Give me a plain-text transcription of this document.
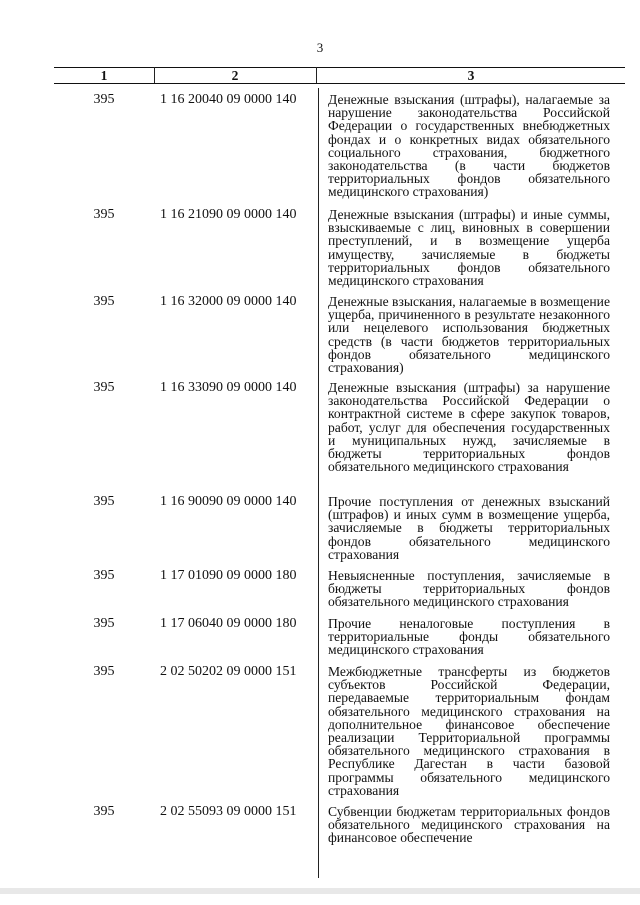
3
1	2	3
395	1 16 20040 09 0000 140	Денежные взыскания (штрафы), налагаемые за нарушение законодательства Российской Федерации о государственных внебюджетных фондах и о конкретных видах обязательного социального страхования, бюджетного законодательства (в части бюджетов территориальных фондов обязательного медицинского страхования)
395	1 16 21090 09 0000 140	Денежные взыскания (штрафы) и иные суммы, взыскиваемые с лиц, виновных в совершении преступлений, и в возмещение ущерба имуществу, зачисляемые в бюджеты территориальных фондов обязательного медицинского страхования
395	1 16 32000 09 0000 140	Денежные взыскания, налагаемые в возмещение ущерба, причиненного в результате незаконного или нецелевого использования бюджетных средств (в части бюджетов территориальных фондов обязательного медицинского страхования)
395	1 16 33090 09 0000 140	Денежные взыскания (штрафы) за нарушение законодательства Российской Федерации о контрактной системе в сфере закупок товаров, работ, услуг для обеспечения государственных и муниципальных нужд, зачисляемые в бюджеты территориальных фондов обязательного медицинского страхования
395	1 16 90090 09 0000 140	Прочие поступления от денежных взысканий (штрафов) и иных сумм в возмещение ущерба, зачисляемые в бюджеты территориальных фондов обязательного медицинского страхования
395	1 17 01090 09 0000 180	Невыясненные поступления, зачисляемые в бюджеты территориальных фондов обязательного медицинского страхования
395	1 17 06040 09 0000 180	Прочие неналоговые поступления в территориальные фонды обязательного медицинского страхования
395	2 02 50202 09 0000 151	Межбюджетные трансферты из бюджетов субъектов Российской Федерации, передаваемые территориальным фондам обязательного медицинского страхования на дополнительное финансовое обеспечение реализации Территориальной программы обязательного медицинского страхования в Республике Дагестан в части базовой программы обязательного медицинского страхования
395	2 02 55093 09 0000 151	Субвенции бюджетам территориальных фондов обязательного медицинского страхования на финансовое обеспечение
